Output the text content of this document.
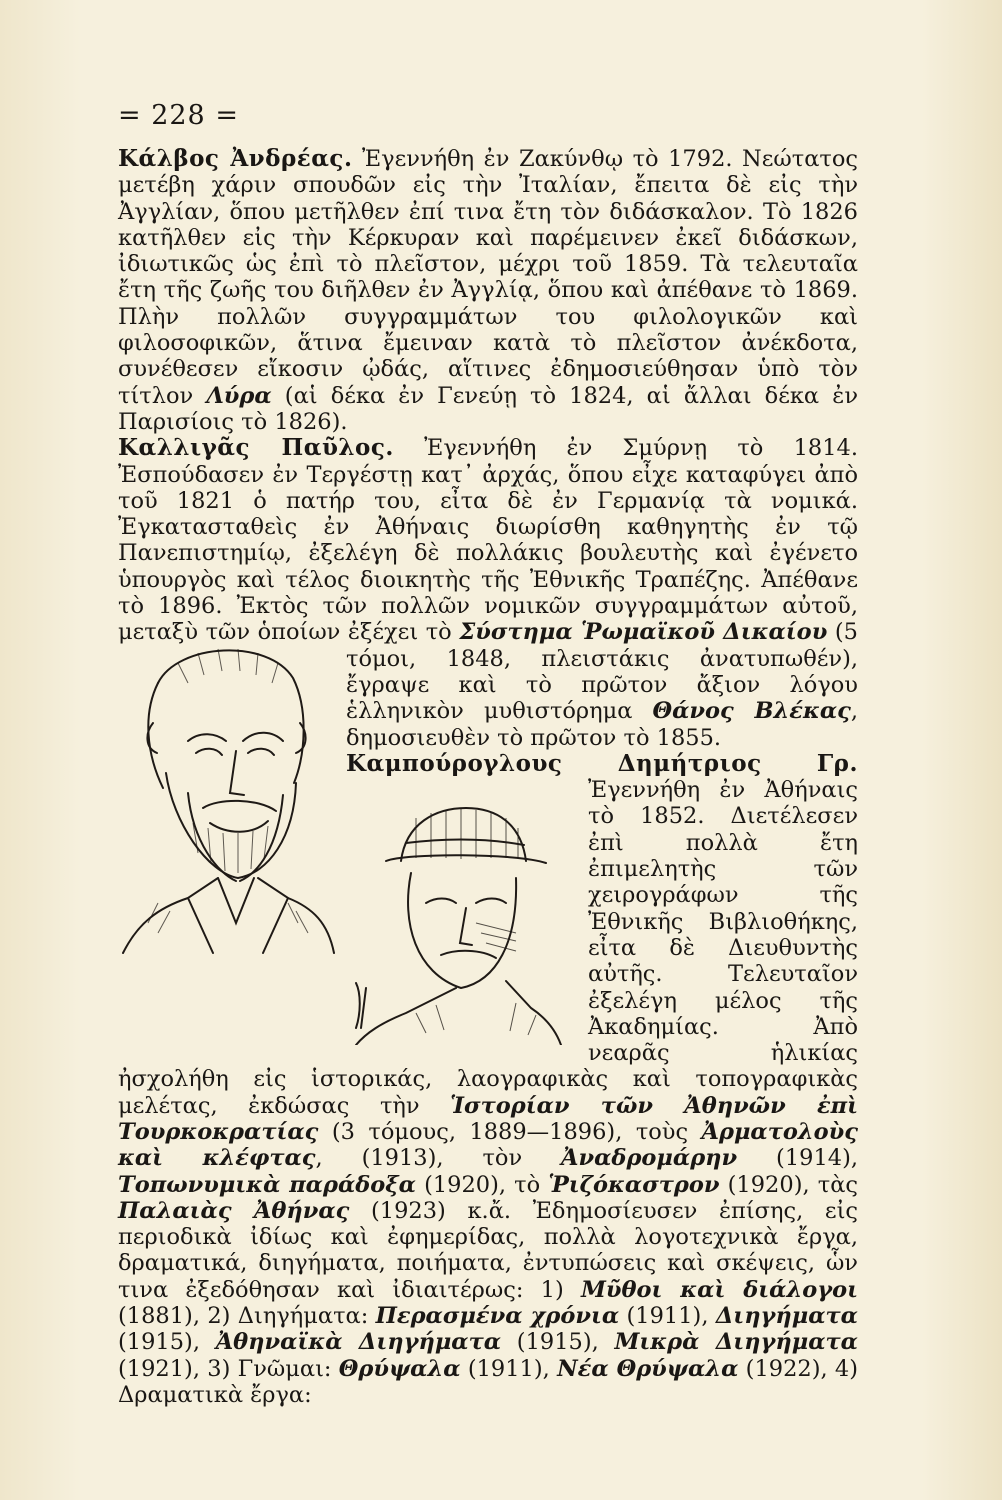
= 228 =

Κάλβος Ἀνδρέας. Ἐγεννήθη ἐν Ζακύνθῳ τὸ 1792. Νεώτατος μετέβη χάριν σπουδῶν εἰς τὴν Ἰταλίαν, ἔπειτα δὲ εἰς τὴν Ἀγγλίαν, ὅπου μετῆλθεν ἐπί τινα ἔτη τὸν διδάσκαλον. Τὸ 1826 κατῆλθεν εἰς τὴν Κέρκυραν καὶ παρέμεινεν ἐκεῖ διδάσκων, ἰδιωτικῶς ὡς ἐπὶ τὸ πλεῖστον, μέχρι τοῦ 1859. Τὰ τελευταῖα ἔτη τῆς ζωῆς του διῆλθεν ἐν Ἀγγλίᾳ, ὅπου καὶ ἀπέθανε τὸ 1869. Πλὴν πολλῶν συγγραμμάτων του φιλολογικῶν καὶ φιλοσοφικῶν, ἅτινα ἔμειναν κατὰ τὸ πλεῖστον ἀνέκδοτα, συνέθεσεν εἴκοσιν ᾠδάς, αἵτινες ἐδημοσιεύθησαν ὑπὸ τὸν τίτλον Λύρα (αἱ δέκα ἐν Γενεύῃ τὸ 1824, αἱ ἄλλαι δέκα ἐν Παρισίοις τὸ 1826).

Καλλιγᾶς Παῦλος. Ἐγεννήθη ἐν Σμύρνῃ τὸ 1814. Ἐσπούδασεν ἐν Τεργέστῃ κατ᾽ ἀρχάς, ὅπου εἶχε καταφύγει ἀπὸ τοῦ 1821 ὁ πατήρ του, εἶτα δὲ ἐν Γερμανίᾳ τὰ νομικά. Ἐγκατασταθεὶς ἐν Ἀθήναις διωρίσθη καθηγητὴς ἐν τῷ Πανεπιστημίῳ, ἐξελέγη δὲ πολλάκις βουλευτὴς καὶ ἐγένετο ὑπουργὸς καὶ τέλος διοικητὴς τῆς Ἐθνικῆς Τραπέζης. Ἀπέθανε τὸ 1896. Ἐκτὸς τῶν πολλῶν νομικῶν συγγραμμάτων αὐτοῦ, μεταξὺ τῶν ὁποίων ἐξέχει τὸ
Σύστημα Ῥωμαϊκοῦ Δικαίου (5 τόμοι, 1848, πλειστάκις ἀνατυπωθέν), ἔγραψε καὶ τὸ πρῶτον ἄξιον λόγου ἑλληνικὸν μυθιστόρημα Θάνος Βλέκας, δημοσιευθὲν τὸ πρῶτον τὸ 1855.

Καμπούρογλους Δημήτριος Γρ.
Ἐγεννήθη ἐν Ἀθήναις τὸ 1852. Διετέλεσεν ἐπὶ πολλὰ ἔτη ἐπιμελητὴς τῶν χειρογράφων τῆς Ἐθνικῆς Βιβλιοθήκης, εἶτα δὲ Διευθυντὴς αὐτῆς. Τελευταῖον ἐξελέγη μέλος τῆς Ἀκαδημίας. Ἀπὸ νεαρᾶς ἡλικίας ἠσχολήθη εἰς ἱστορικάς, λαογραφικὰς καὶ τοπογραφικὰς μελέτας, ἐκδώσας τὴν Ἱστορίαν τῶν Ἀθηνῶν ἐπὶ Τουρκοκρατίας (3 τόμους, 1889—1896), τοὺς Ἀρματολοὺς καὶ κλέφτας, (1913), τὸν Ἀναδρομάρην (1914), Τοπωνυμικὰ παράδοξα (1920), τὸ Ῥιζόκαστρον (1920), τὰς Παλαιὰς Ἀθήνας (1923) κ.ἄ. Ἐδημοσίευσεν ἐπίσης, εἰς περιοδικὰ ἰδίως καὶ ἐφημερίδας, πολλὰ λογοτεχνικὰ ἔργα, δραματικά, διηγήματα, ποιήματα, ἐντυπώσεις καὶ σκέψεις, ὧν τινα ἐξεδόθησαν καὶ ἰδιαιτέρως: 1) Μῦθοι καὶ διάλογοι (1881), 2) Διηγήματα: Περασμένα χρόνια (1911), Διηγήματα (1915), Ἀθηναϊκὰ Διηγήματα (1915), Μικρὰ Διηγήματα (1921), 3) Γνῶμαι: Θρύψαλα (1911), Νέα Θρύψαλα (1922), 4) Δραματικὰ ἔργα:
